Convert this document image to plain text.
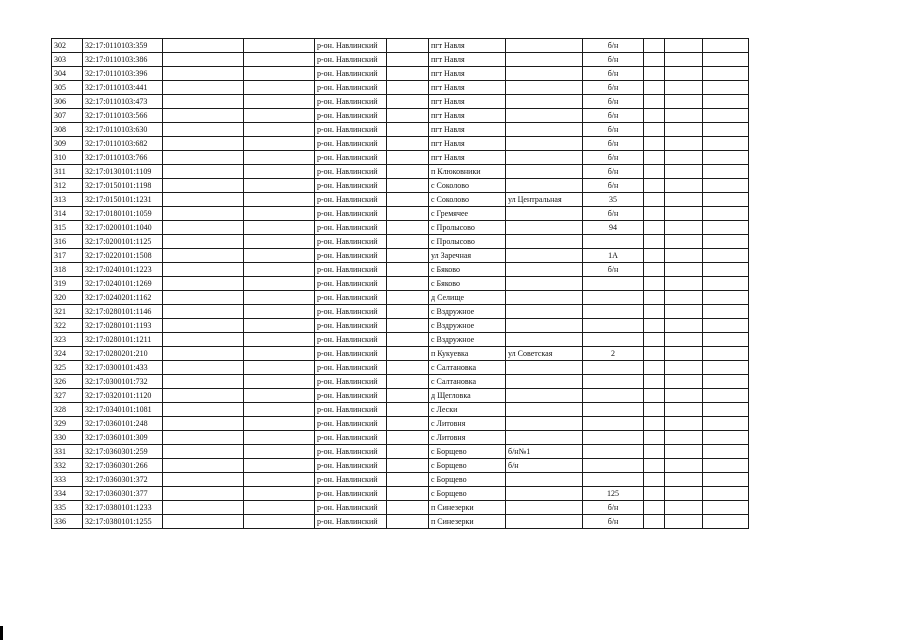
302	32:17:0110103:359			р-он. Навлинский		пгт Навля		б/н			
303	32:17:0110103:386			р-он. Навлинский		пгт Навля		б/н			
304	32:17:0110103:396			р-он. Навлинский		пгт Навля		б/н			
305	32:17:0110103:441			р-он. Навлинский		пгт Навля		б/н			
306	32:17:0110103:473			р-он. Навлинский		пгт Навля		б/н			
307	32:17:0110103:566			р-он. Навлинский		пгт Навля		б/н			
308	32:17:0110103:630			р-он. Навлинский		пгт Навля		б/н			
309	32:17:0110103:682			р-он. Навлинский		пгт Навля		б/н			
310	32:17:0110103:766			р-он. Навлинский		пгт Навля		б/н			
311	32:17:0130101:1109			р-он. Навлинский		п Клюковники		б/н			
312	32:17:0150101:1198			р-он. Навлинский		с Соколово		б/н			
313	32:17:0150101:1231			р-он. Навлинский		с Соколово	ул Центральная	35			
314	32:17:0180101:1059			р-он. Навлинский		с Гремячее		б/н			
315	32:17:0200101:1040			р-он. Навлинский		с Пролысово		94			
316	32:17:0200101:1125			р-он. Навлинский		с Пролысово					
317	32:17:0220101:1508			р-он. Навлинский		ул Заречная		1А			
318	32:17:0240101:1223			р-он. Навлинский		с Бяково		б/н			
319	32:17:0240101:1269			р-он. Навлинский		с Бяково					
320	32:17:0240201:1162			р-он. Навлинский		д Селище					
321	32:17:0280101:1146			р-он. Навлинский		с Вздружное					
322	32:17:0280101:1193			р-он. Навлинский		с Вздружное					
323	32:17:0280101:1211			р-он. Навлинский		с Вздружное					
324	32:17:0280201:210			р-он. Навлинский		п Кукуевка	ул Советская	2			
325	32:17:0300101:433			р-он. Навлинский		с Салтановка					
326	32:17:0300101:732			р-он. Навлинский		с Салтановка					
327	32:17:0320101:1120			р-он. Навлинский		д Щегловка					
328	32:17:0340101:1081			р-он. Навлинский		с Лески					
329	32:17:0360101:248			р-он. Навлинский		с Литовня					
330	32:17:0360101:309			р-он. Навлинский		с Литовня					
331	32:17:0360301:259			р-он. Навлинский		с Борщево	б/н№1				
332	32:17:0360301:266			р-он. Навлинский		с Борщево	б/н				
333	32:17:0360301:372			р-он. Навлинский		с Борщево					
334	32:17:0360301:377			р-он. Навлинский		с Борщево		125			
335	32:17:0380101:1233			р-он. Навлинский		п Синезерки		б/н			
336	32:17:0380101:1255			р-он. Навлинский		п Синезерки		б/н			
